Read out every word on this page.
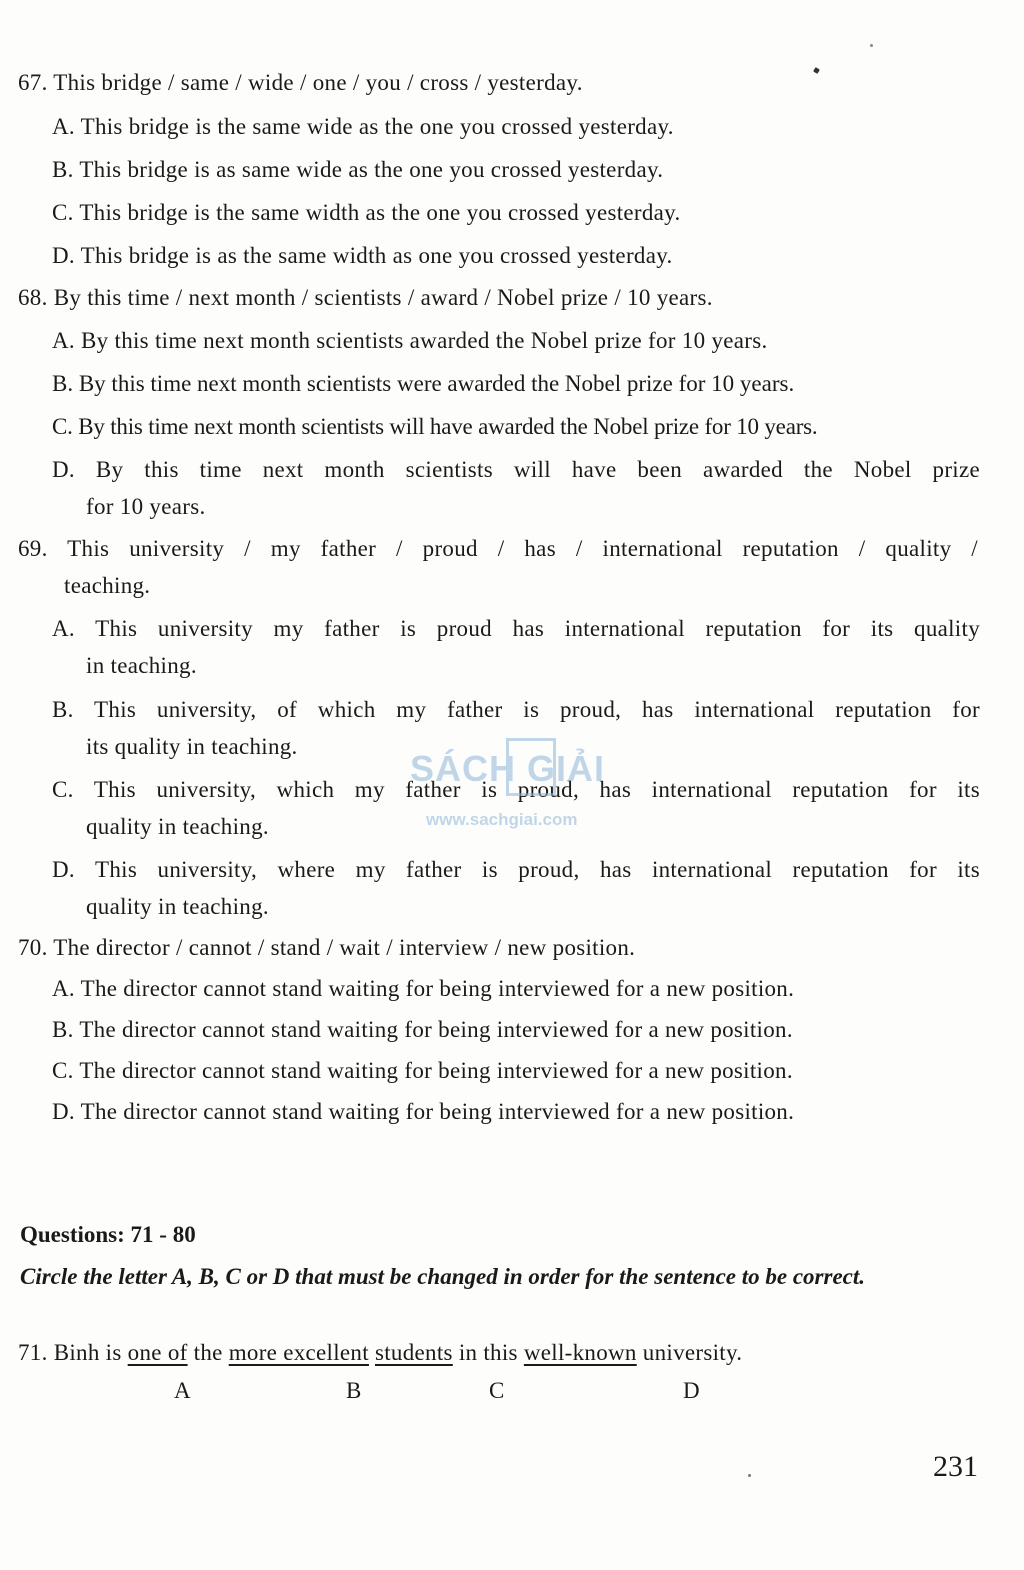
67. This bridge / same / wide / one / you / cross / yesterday.
A. This bridge is the same wide as the one you crossed yesterday.
B. This bridge is as same wide as the one you crossed yesterday.
C. This bridge is the same width as the one you crossed yesterday.
D. This bridge is as the same width as one you crossed yesterday.
68. By this time / next month / scientists / award / Nobel prize / 10 years.
A. By this time next month scientists awarded the Nobel prize for 10 years.
B. By this time next month scientists were awarded the Nobel prize for 10 years.
C. By this time next month scientists will have awarded the Nobel prize for 10 years.
D. By this time next month scientists will have been awarded the Nobel prize
for 10 years.
69. This university / my father / proud / has / international reputation / quality /
teaching.
A. This university my father is proud has international reputation for its quality
in teaching.
B. This university, of which my father is proud, has international reputation for
its quality in teaching.
C. This university, which my father is proud, has international reputation for its
quality in teaching.
D. This university, where my father is proud, has international reputation for its
quality in teaching.
70. The director / cannot / stand / wait / interview / new position.
A. The director cannot stand waiting for being interviewed for a new position.
B. The director cannot stand waiting for being interviewed for a new position.
C. The director cannot stand waiting for being interviewed for a new position.
D. The director cannot stand waiting for being interviewed for a new position.
Questions: 71 - 80
Circle the letter A, B, C or D that must be changed in order for the sentence to be correct.
71. Binh is one of the more excellent students in this well-known university.
A	B	C	D
231
SÁCH GIẢI
www.sachgiai.com
